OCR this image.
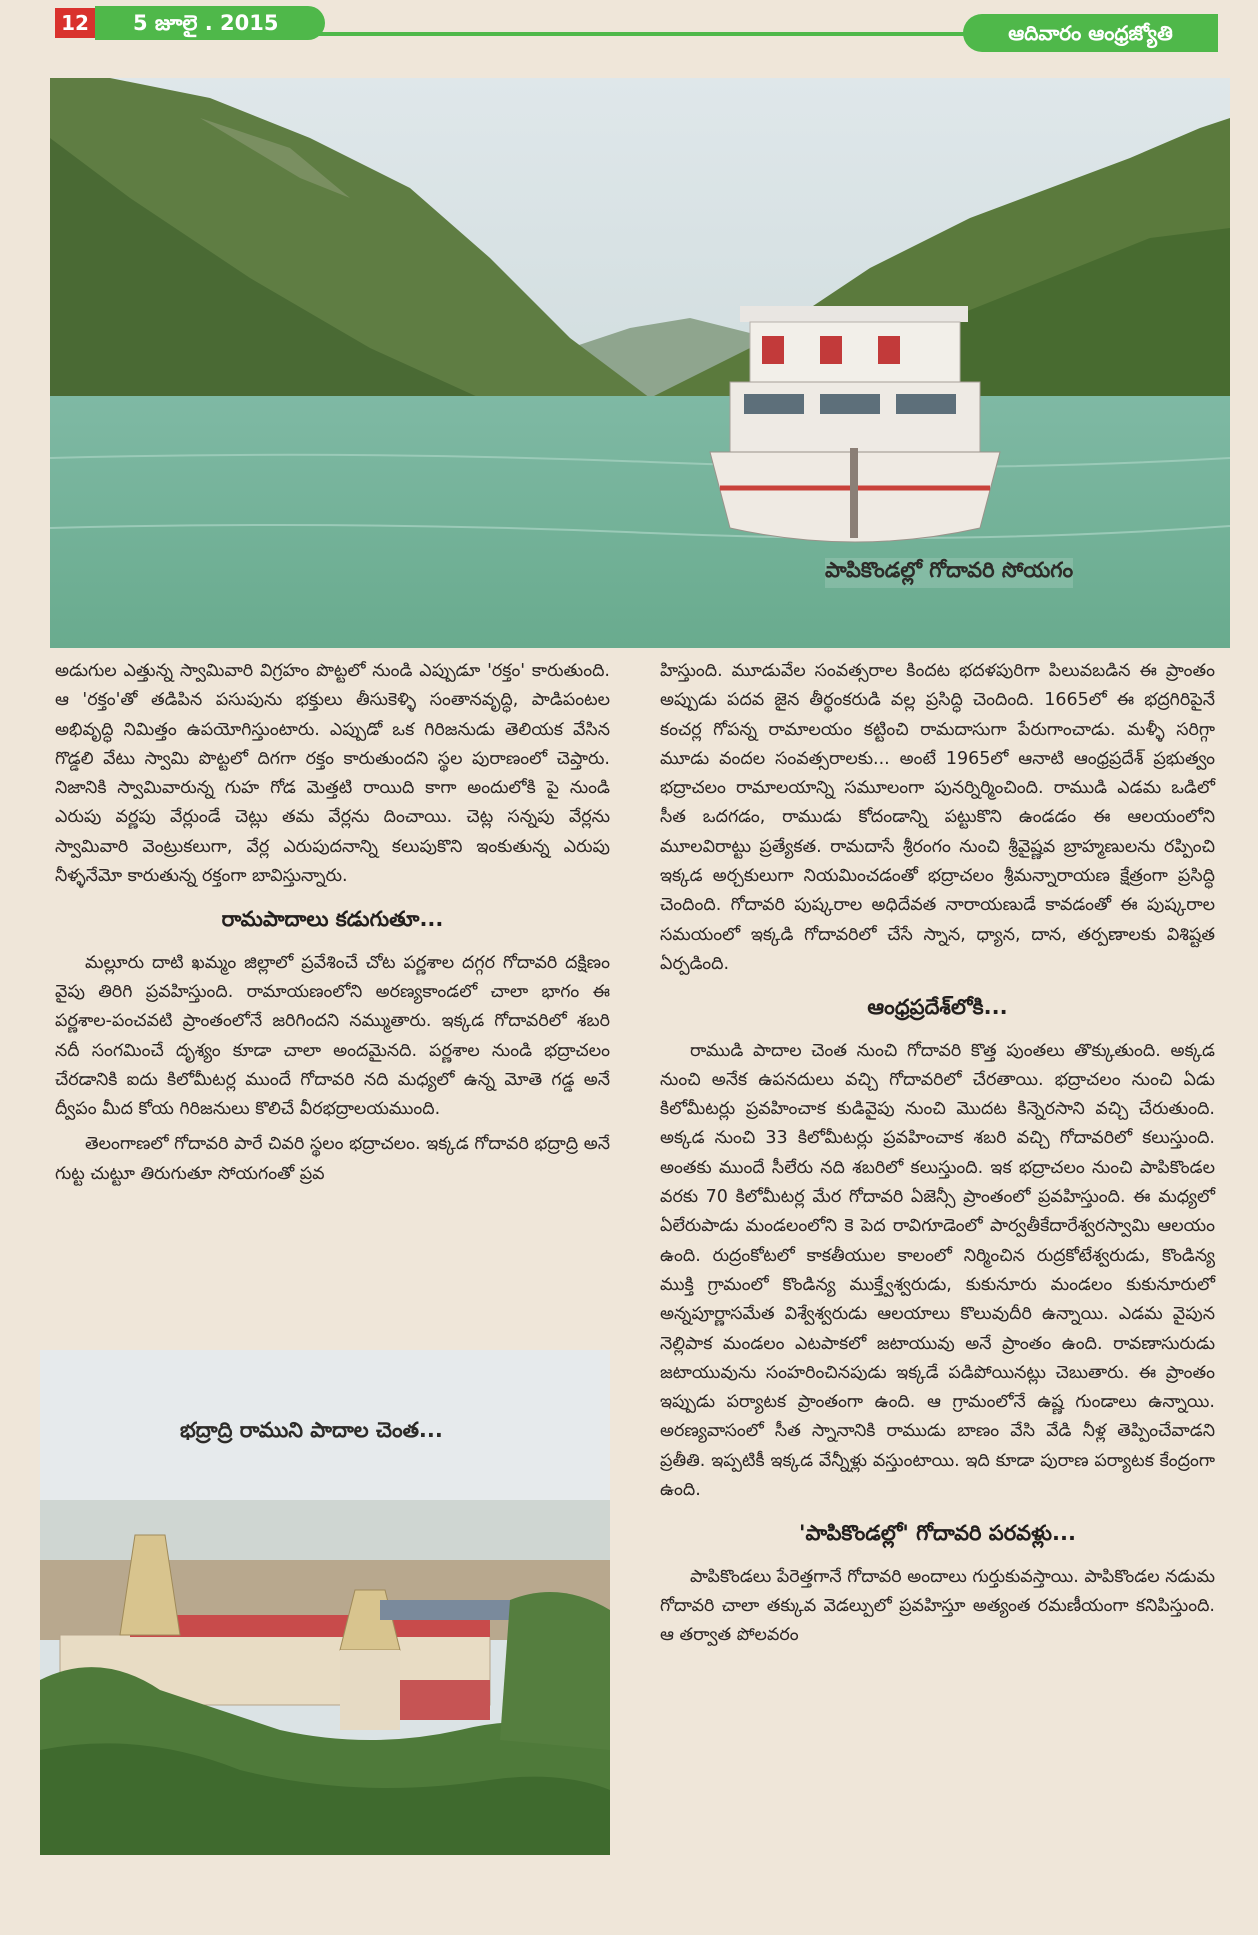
12	5 జూలై . 2015	ఆదివారం ఆంధ్రజ్యోతి
పాపికొండల్లో గోదావరి సోయగం

అడుగుల ఎత్తున్న స్వామివారి విగ్రహం పొట్టలో నుండి ఎప్పుడూ 'రక్తం' కారుతుంది. ఆ 'రక్తం'తో తడిపిన పసుపును భక్తులు తీసుకెళ్ళి సంతానవృద్ధి, పాడిపంటల అభివృద్ధి నిమిత్తం ఉపయోగిస్తుంటారు. ఎప్పుడో ఒక గిరిజనుడు తెలియక వేసిన గొడ్డలి వేటు స్వామి పొట్టలో దిగగా రక్తం కారుతుందని స్థల పురాణంలో చెప్తారు. నిజానికి స్వామివారున్న గుహ గోడ మెత్తటి రాయిది కాగా అందులోకి పై నుండి ఎరుపు వర్ణపు వేర్లుండే చెట్లు తమ వేర్లను దించాయి. చెట్ల సన్నపు వేర్లను స్వామివారి వెంట్రుకలుగా, వేర్ల ఎరుపుదనాన్ని కలుపుకొని ఇంకుతున్న ఎరుపు నీళ్ళనేమో కారుతున్న రక్తంగా బావిస్తున్నారు.

రామపాదాలు కడుగుతూ...

మల్లూరు దాటి ఖమ్మం జిల్లాలో ప్రవేశించే చోట పర్ణశాల దగ్గర గోదావరి దక్షిణం వైపు తిరిగి ప్రవహిస్తుంది. రామాయణంలోని అరణ్యకాండలో చాలా భాగం ఈ పర్ణశాల-పంచవటి ప్రాంతంలోనే జరిగిందని నమ్ముతారు. ఇక్కడ గోదావరిలో శబరి నదీ సంగమించే దృశ్యం కూడా చాలా అందమైనది. పర్ణశాల నుండి భద్రాచలం చేరడానికి ఐదు కిలోమీటర్ల ముందే గోదావరి నది మధ్యలో ఉన్న మోతె గడ్డ అనే ద్వీపం మీద కోయ గిరిజనులు కొలిచే వీరభద్రాలయముంది.

తెలంగాణలో గోదావరి పారే చివరి స్థలం భద్రాచలం. ఇక్కడ గోదావరి భద్రాద్రి అనే గుట్ట చుట్టూ తిరుగుతూ సోయగంతో ప్రవ

భద్రాద్రి రాముని పాదాల చెంత...

హిస్తుంది. మూడువేల సంవత్సరాల కిందట భదళపురిగా పిలువబడిన ఈ ప్రాంతం అప్పుడు పదవ జైన తీర్థంకరుడి వల్ల ప్రసిద్ధి చెందింది. 1665లో ఈ భద్రగిరిపైనే కంచర్ల గోపన్న రామాలయం కట్టించి రామదాసుగా పేరుగాంచాడు. మళ్ళీ సరిగ్గా మూడు వందల సంవత్సరాలకు... అంటే 1965లో ఆనాటి ఆంధ్రప్రదేశ్ ప్రభుత్వం భద్రాచలం రామాలయాన్ని సమూలంగా పునర్నిర్మించింది. రాముడి ఎడమ ఒడిలో సీత ఒదగడం, రాముడు కోదండాన్ని పట్టుకొని ఉండడం ఈ ఆలయంలోని మూలవిరాట్టు ప్రత్యేకత. రామదాసే శ్రీరంగం నుంచి శ్రీవైష్ణవ బ్రాహ్మణులను రప్పించి ఇక్కడ అర్చకులుగా నియమించడంతో భద్రాచలం శ్రీమన్నారాయణ క్షేత్రంగా ప్రసిద్ధి చెందింది. గోదావరి పుష్కరాల అధిదేవత నారాయణుడే కావడంతో ఈ పుష్కరాల సమయంలో ఇక్కడి గోదావరిలో చేసే స్నాన, ధ్యాన, దాన, తర్పణాలకు విశిష్టత ఏర్పడింది.

ఆంధ్రప్రదేశ్‌లోకి...

రాముడి పాదాల చెంత నుంచి గోదావరి కొత్త పుంతలు తొక్కుతుంది. అక్కడ నుంచి అనేక ఉపనదులు వచ్చి గోదావరిలో చేరతాయి. భద్రాచలం నుంచి ఏడు కిలోమీటర్లు ప్రవహించాక కుడివైపు నుంచి మొదట కిన్నెరసాని వచ్చి చేరుతుంది. అక్కడ నుంచి 33 కిలోమీటర్లు ప్రవహించాక శబరి వచ్చి గోదావరిలో కలుస్తుంది. అంతకు ముందే సీలేరు నది శబరిలో కలుస్తుంది. ఇక భద్రాచలం నుంచి పాపికొండల వరకు 70 కిలోమీటర్ల మేర గోదావరి ఏజెన్సీ ప్రాంతంలో ప్రవహిస్తుంది. ఈ మధ్యలో ఏలేరుపాడు మండలంలోని కె పెద రావిగూడెంలో పార్వతీకేదారేశ్వరస్వామి ఆలయం ఉంది. రుద్రంకోటలో కాకతీయుల కాలంలో నిర్మించిన రుద్రకోటేశ్వరుడు, కొండిన్య ముక్తి గ్రామంలో కొండిన్య ముక్త్వేశ్వరుడు, కుకునూరు మండలం కుకునూరులో అన్నపూర్ణాసమేత విశ్వేశ్వరుడు ఆలయాలు కొలువుదీరి ఉన్నాయి. ఎడమ వైపున నెల్లిపాక మండలం ఎటపాకలో జటాయువు అనే ప్రాంతం ఉంది. రావణాసురుడు జటాయువును సంహరించినపుడు ఇక్కడే పడిపోయినట్లు చెబుతారు. ఈ ప్రాంతం ఇప్పుడు పర్యాటక ప్రాంతంగా ఉంది. ఆ గ్రామంలోనే ఉష్ణ గుండాలు ఉన్నాయి. అరణ్యవాసంలో సీత స్నానానికి రాముడు బాణం వేసి వేడి నీళ్ల తెప్పించేవాడని ప్రతీతి. ఇప్పటికీ ఇక్కడ వేన్నీళ్లు వస్తుంటాయి. ఇది కూడా పురాణ పర్యాటక కేంద్రంగా ఉంది.

'పాపికొండల్లో' గోదావరి పరవళ్లు...

పాపికొండలు పేరెత్తగానే గోదావరి అందాలు గుర్తుకువస్తాయి. పాపికొండల నడుమ గోదావరి చాలా తక్కువ వెడల్పులో ప్రవహిస్తూ అత్యంత రమణీయంగా కనిపిస్తుంది. ఆ తర్వాత పోలవరం
